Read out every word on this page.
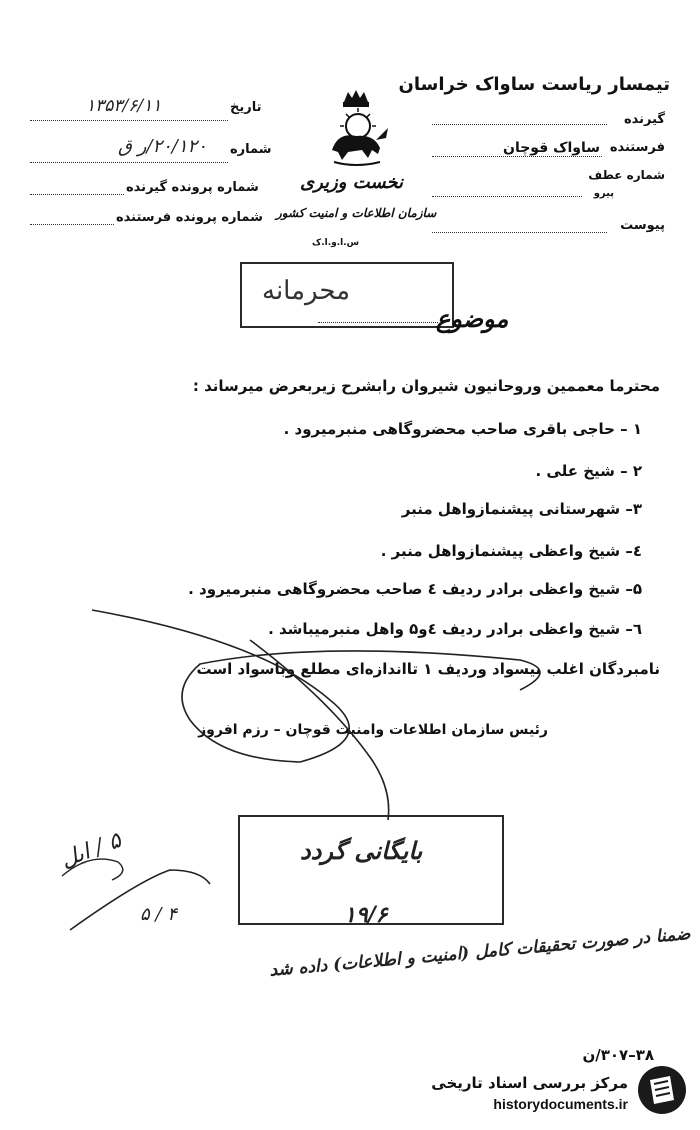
تیمسار ریاست ساواک خراسان
نخست وزیری
سازمان اطلاعات و امنیت کشور
س.ا.و.ا.ک
گیرنده
فرستنده
ساواک قوچان
شماره عطف
پیرو
پیوست
تاریخ
۱۳۵۳/۶/۱۱
شماره
۲۰/۱۲۰/ر ق
شماره پرونده گیرنده
شماره پرونده فرستنده
محرمانه
موضوع
محترما معممین وروحانیون شیروان رابشرح زیربعرض میرساند :
۱ – حاجی باقری صاحب محضروگاهی منبرمیرود .
۲ – شیخ علی .
۳– شهرستانی پیشنمازواهل منبر
٤– شیخ واعظی پیشنمازواهل منبر .
۵– شیخ واعظی برادر ردیف ٤ صاحب محضروگاهی منبرمیرود .
٦– شیخ واعظی برادر ردیف ٤و۵ واهل منبرمیباشد .
نامبردگان اغلب بیسواد وردیف ۱ تااندازه‌ای مطلع وباسواد است
رئیس سازمان اطلاعات وامنیت قوچان – رزم افروز
بایگانی گردد
۱۹/۶
ضمنا در صورت تحقیقات کامل (امنیت و اطلاعات) داده شد
۵ / ایل
۴ / ۵
۳۸–۳۰۷/ن
مرکز بررسی اسناد تاریخی
historydocuments.ir
